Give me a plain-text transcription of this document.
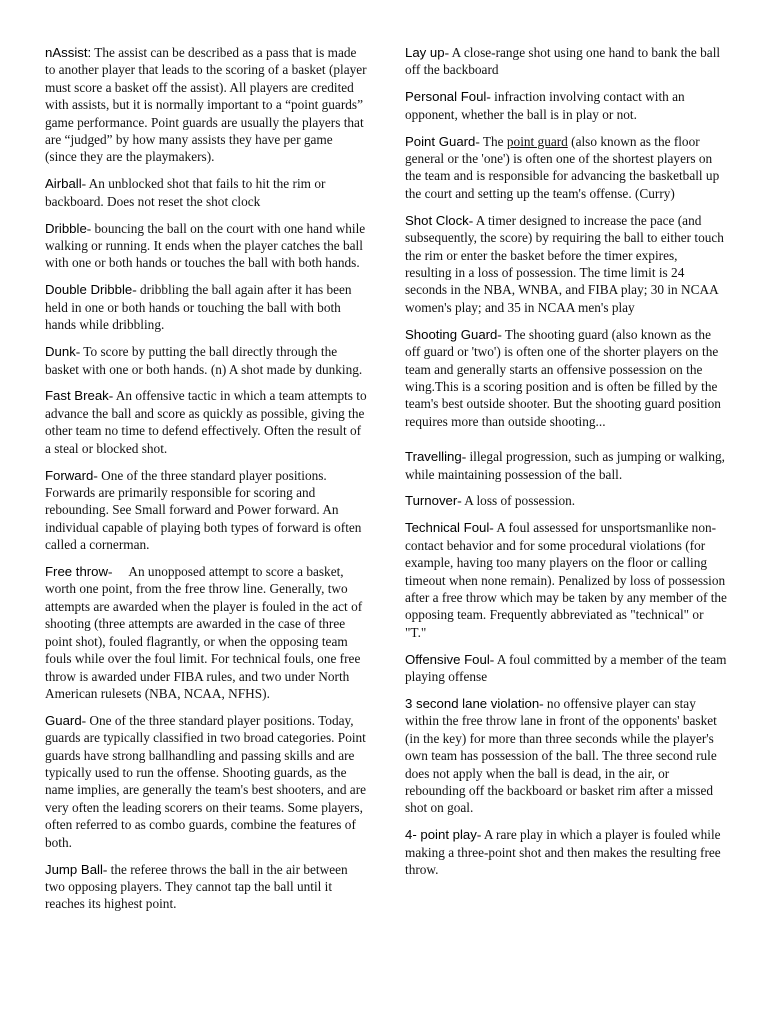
nAssist: The assist can be described as a pass that is made to another player that leads to the scoring of a basket (player must score a basket off the assist). All players are credited with assists, but it is normally important to a “point guards” game performance. Point guards are usually the players that are “judged” by how many assists they have per game (since they are the playmakers).

Airball- An unblocked shot that fails to hit the rim or backboard. Does not reset the shot clock

Dribble- bouncing the ball on the court with one hand while walking or running. It ends when the player catches the ball with one or both hands or touches the ball with both hands.

Double Dribble- dribbling the ball again after it has been held in one or both hands or touching the ball with both hands while dribbling.

Dunk- To score by putting the ball directly through the basket with one or both hands. (n) A shot made by dunking.

Fast Break- An offensive tactic in which a team attempts to advance the ball and score as quickly as possible, giving the other team no time to defend effectively. Often the result of a steal or blocked shot.

Forward- One of the three standard player positions. Forwards are primarily responsible for scoring and rebounding. See Small forward and Power forward. An individual capable of playing both types of forward is often called a cornerman.

Free throw-     An unopposed attempt to score a basket, worth one point, from the free throw line. Generally, two attempts are awarded when the player is fouled in the act of shooting (three attempts are awarded in the case of three point shot), fouled flagrantly, or when the opposing team fouls while over the foul limit. For technical fouls, one free throw is awarded under FIBA rules, and two under North American rulesets (NBA, NCAA, NFHS).

Guard- One of the three standard player positions. Today, guards are typically classified in two broad categories. Point guards have strong ballhandling and passing skills and are typically used to run the offense. Shooting guards, as the name implies, are generally the team's best shooters, and are very often the leading scorers on their teams. Some players, often referred to as combo guards, combine the features of both.

Jump Ball- the referee throws the ball in the air between two opposing players. They cannot tap the ball until it reaches its highest point.

Lay up- A close-range shot using one hand to bank the ball off the backboard

Personal Foul- infraction involving contact with an opponent, whether the ball is in play or not.

Point Guard- The point guard (also known as the floor general or the 'one') is often one of the shortest players on the team and is responsible for advancing the basketball up the court and setting up the team's offense. (Curry)

Shot Clock- A timer designed to increase the pace (and subsequently, the score) by requiring the ball to either touch the rim or enter the basket before the timer expires, resulting in a loss of possession. The time limit is 24 seconds in the NBA, WNBA, and FIBA play; 30 in NCAA women's play; and 35 in NCAA men's play

Shooting Guard- The shooting guard (also known as the off guard or 'two') is often one of the shorter players on the team and generally starts an offensive possession on the wing.This is a scoring position and is often be filled by the team's best outside shooter. But the shooting guard position requires more than outside shooting...

Travelling- illegal progression, such as jumping or walking, while maintaining possession of the ball.

Turnover- A loss of possession.

Technical Foul- A foul assessed for unsportsmanlike non-contact behavior and for some procedural violations (for example, having too many players on the floor or calling timeout when none remain). Penalized by loss of possession after a free throw which may be taken by any member of the opposing team. Frequently abbreviated as "technical" or "T."

Offensive Foul- A foul committed by a member of the team playing offense

3 second lane violation- no offensive player can stay within the free throw lane in front of the opponents' basket (in the key) for more than three seconds while the player's own team has possession of the ball. The three second rule does not apply when the ball is dead, in the air, or rebounding off the backboard or basket rim after a missed shot on goal.

4- point play- A rare play in which a player is fouled while making a three-point shot and then makes the resulting free throw.
